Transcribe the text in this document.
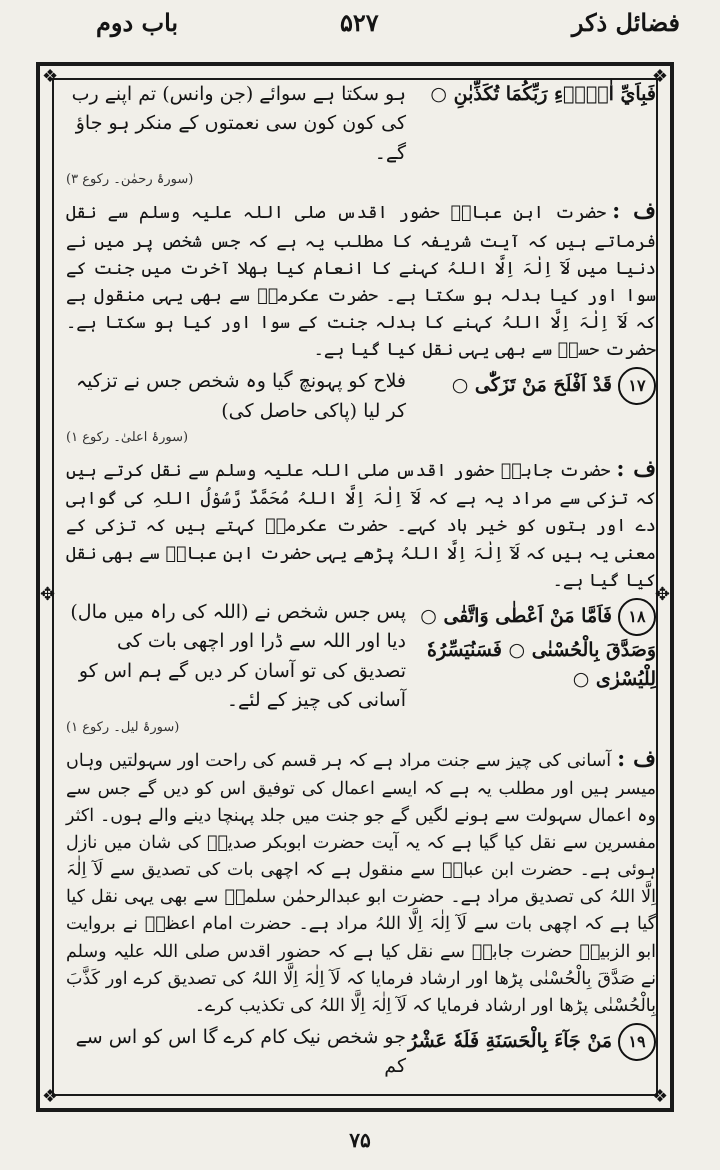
فضائل ذکر
۵۲۷
باب دوم
❖	❖
❖	❖
✥	✥
فَبِاَيِّ اٰلَاۤءِ رَبِّكُمَا تُكَذِّبٰنِ ○
ہو سکتا ہے سوائے (جن وانس) تم اپنے رب کی کون کون سی نعمتوں کے منکر ہو جاؤ گے۔
(سورۂ رحمٰن۔ رکوع ۳)
ف :حضرت ابن عباسؓ حضور اقدس صلی اللہ علیہ وسلم سے نقل فرماتے ہیں کہ آیت شریفہ کا مطلب یہ ہے کہ جس شخص پر میں نے دنیا میں لَآ اِلٰہَ اِلَّا اللہُ کہنے کا انعام کیا بھلا آخرت میں جنت کے سوا اور کیا بدلہ ہو سکتا ہے۔ حضرت عکرمہؓ سے بھی یہی منقول ہے کہ لَآ اِلٰہَ اِلَّا اللہُ کہنے کا بدلہ جنت کے سوا اور کیا ہو سکتا ہے۔ حضرت حسنؒ سے بھی یہی نقل کیا گیا ہے۔
۱۷قَدْ اَفْلَحَ مَنْ تَزَكّٰى ○
فلاح کو پہونچ گیا وہ شخص جس نے تزکیہ کر لیا (پاکی حاصل کی)
(سورۂ اعلیٰ۔ رکوع ۱)
ف :حضرت جابرؓ حضور اقدس صلی اللہ علیہ وسلم سے نقل کرتے ہیں کہ تزکی سے مراد یہ ہے کہ لَآ اِلٰہَ اِلَّا اللہُ مُحَمَّدٌ رَّسُوْلُ اللہِ کی گواہی دے اور بتوں کو خیر باد کہے۔ حضرت عکرمہؓ کہتے ہیں کہ تزکی کے معنی یہ ہیں کہ لَآ اِلٰہَ اِلَّا اللہُ پڑھے یہی حضرت ابن عباسؓ سے بھی نقل کیا گیا ہے۔
۱۸فَاَمَّا مَنْ اَعْطٰى وَاتَّقٰى ○ وَصَدَّقَ بِالْحُسْنٰى ○ فَسَنُيَسِّرُهٗ لِلْيُسْرٰى ○
پس جس شخص نے (اللہ کی راہ میں مال) دیا اور اللہ سے ڈرا اور اچھی بات کی تصدیق کی تو آسان کر دیں گے ہم اس کو آسانی کی چیز کے لئے۔
(سورۂ لیل۔ رکوع ۱)
ف :آسانی کی چیز سے جنت مراد ہے کہ ہر قسم کی راحت اور سہولتیں وہاں میسر ہیں اور مطلب یہ ہے کہ ایسے اعمال کی توفیق اس کو دیں گے جس سے وہ اعمال سہولت سے ہونے لگیں گے جو جنت میں جلد پہنچا دینے والے ہوں۔ اکثر مفسرین سے نقل کیا گیا ہے کہ یہ آیت حضرت ابوبکر صدیقؓ کی شان میں نازل ہوئی ہے۔ حضرت ابن عباسؓ سے منقول ہے کہ اچھی بات کی تصدیق سے لَآ اِلٰہَ اِلَّا اللہُ کی تصدیق مراد ہے۔ حضرت ابو عبدالرحمٰن سلمیؒ سے بھی یہی نقل کیا گیا ہے کہ اچھی بات سے لَآ اِلٰہَ اِلَّا اللہُ مراد ہے۔ حضرت امام اعظمؒ نے بروایت ابو الزبیرؒ حضرت جابرؓ سے نقل کیا ہے کہ حضور اقدس صلی اللہ علیہ وسلم نے صَدَّقَ بِالْحُسْنٰى پڑھا اور ارشاد فرمایا کہ لَآ اِلٰہَ اِلَّا اللہُ کی تصدیق کرے اور کَذَّبَ بِالْحُسْنٰى پڑھا اور ارشاد فرمایا کہ لَآ اِلٰہَ اِلَّا اللہُ کی تکذیب کرے۔
۱۹مَنْ جَآءَ بِالْحَسَنَةِ فَلَهٗ عَشْرُ
جو شخص نیک کام کرے گا اس کو اس سے کم
۷۵
